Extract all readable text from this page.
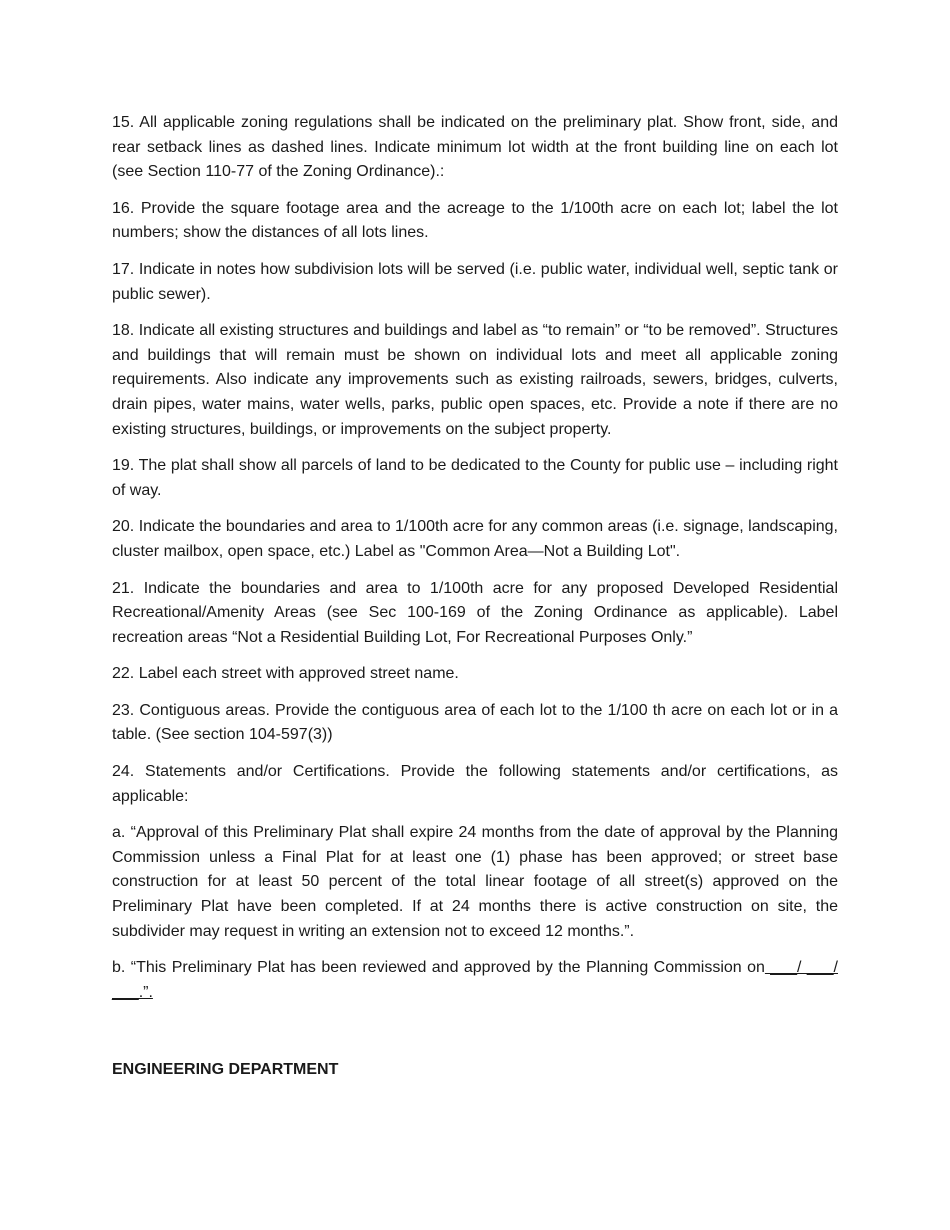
15. All applicable zoning regulations shall be indicated on the preliminary plat. Show front, side, and rear setback lines as dashed lines. Indicate minimum lot width at the front building line on each lot (see Section 110-77 of the Zoning Ordinance).:

16. Provide the square footage area and the acreage to the 1/100th acre on each lot; label the lot numbers; show the distances of all lots lines.

17. Indicate in notes how subdivision lots will be served (i.e. public water, individual well, septic tank or public sewer).

18. Indicate all existing structures and buildings and label as “to remain” or “to be removed”. Structures and buildings that will remain must be shown on individual lots and meet all applicable zoning requirements. Also indicate any improvements such as existing railroads, sewers, bridges, culverts, drain pipes, water mains, water wells, parks, public open spaces, etc. Provide a note if there are no existing structures, buildings, or improvements on the subject property.

19. The plat shall show all parcels of land to be dedicated to the County for public use – including right of way.

20. Indicate the boundaries and area to 1/100th acre for any common areas (i.e. signage, landscaping, cluster mailbox, open space, etc.) Label as "Common Area—Not a Building Lot".

21. Indicate the boundaries and area to 1/100th acre for any proposed Developed Residential Recreational/Amenity Areas (see Sec 100-169 of the Zoning Ordinance as applicable). Label recreation areas “Not a Residential Building Lot, For Recreational Purposes Only.”

22. Label each street with approved street name.

23. Contiguous areas. Provide the contiguous area of each lot to the 1/100 th acre on each lot or in a table. (See section 104-597(3))

24. Statements and/or Certifications. Provide the following statements and/or certifications, as applicable:

a. “Approval of this Preliminary Plat shall expire 24 months from the date of approval by the Planning Commission unless a Final Plat for at least one (1) phase has been approved; or street base construction for at least 50 percent of the total linear footage of all street(s) approved on the Preliminary Plat have been completed. If at 24 months there is active construction on site, the subdivider may request in writing an extension not to exceed 12 months.”.

b. “This Preliminary Plat has been reviewed and approved by the Planning Commission on ___/ ___/ ___.”.

ENGINEERING DEPARTMENT
